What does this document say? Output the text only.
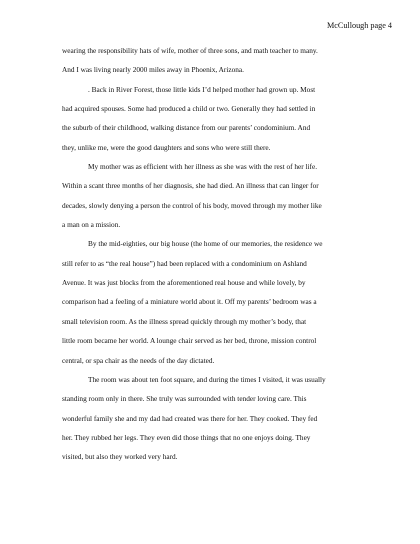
McCullough page 4
wearing the responsibility hats of wife, mother of three sons, and math teacher to many.
And I was living nearly 2000 miles away in Phoenix, Arizona.
. Back in River Forest, those little kids I’d helped mother had grown up. Most
had acquired spouses. Some had produced a child or two. Generally they had settled in
the suburb of their childhood, walking distance from our parents’ condominium. And
they, unlike me, were the good daughters and sons who were still there.
My mother was as efficient with her illness as she was with the rest of her life.
Within a scant three months of her diagnosis, she had died. An illness that can linger for
decades, slowly denying a person the control of his body, moved through my mother like
a man on a mission.
By the mid-eighties, our big house (the home of our memories, the residence we
still refer to as “the real house”) had been replaced with a condominium on Ashland
Avenue. It was just blocks from the aforementioned real house and while lovely, by
comparison had a feeling of a miniature world about it. Off my parents’ bedroom was a
small television room. As the illness spread quickly through my mother’s body, that
little room became her world. A lounge chair served as her bed, throne, mission control
central, or spa chair as the needs of the day dictated.
The room was about ten foot square, and during the times I visited, it was usually
standing room only in there. She truly was surrounded with tender loving care. This
wonderful family she and my dad had created was there for her. They cooked. They fed
her. They rubbed her legs. They even did those things that no one enjoys doing. They
visited, but also they worked very hard.
